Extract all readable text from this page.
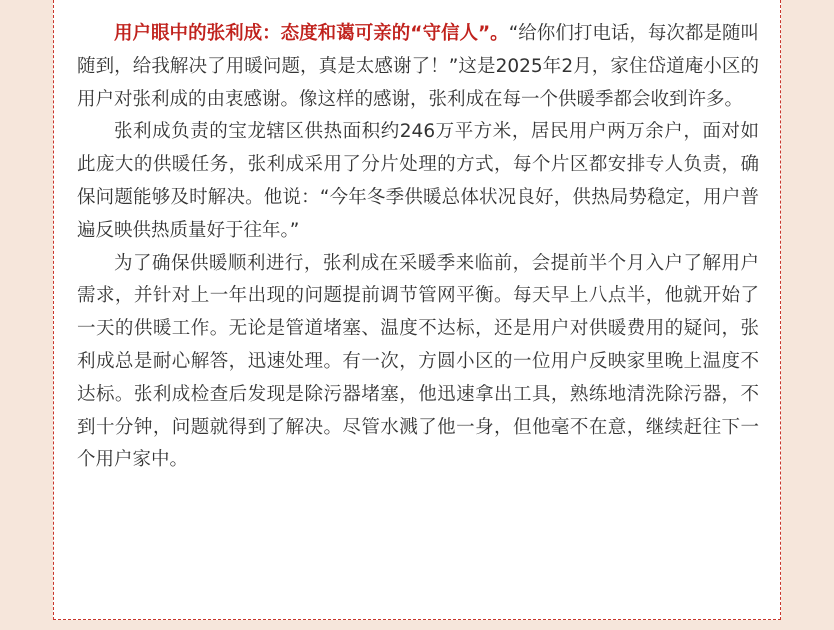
用户眼中的张利成：态度和蔼可亲的“守信人”。“给你们打电话，每次都是随叫随到，给我解决了用暖问题，真是太感谢了！”这是2025年2月，家住岱道庵小区的用户对张利成的由衷感谢。像这样的感谢，张利成在每一个供暖季都会收到许多。

张利成负责的宝龙辖区供热面积约246万平方米，居民用户两万余户，面对如此庞大的供暖任务，张利成采用了分片处理的方式，每个片区都安排专人负责，确保问题能够及时解决。他说：“今年冬季供暖总体状况良好，供热局势稳定，用户普遍反映供热质量好于往年。”

为了确保供暖顺利进行，张利成在采暖季来临前，会提前半个月入户了解用户需求，并针对上一年出现的问题提前调节管网平衡。每天早上八点半，他就开始了一天的供暖工作。无论是管道堵塞、温度不达标，还是用户对供暖费用的疑问，张利成总是耐心解答，迅速处理。有一次，方圆小区的一位用户反映家里晚上温度不达标。张利成检查后发现是除污器堵塞，他迅速拿出工具，熟练地清洗除污器，不到十分钟，问题就得到了解决。尽管水溅了他一身，但他毫不在意，继续赶往下一个用户家中。
